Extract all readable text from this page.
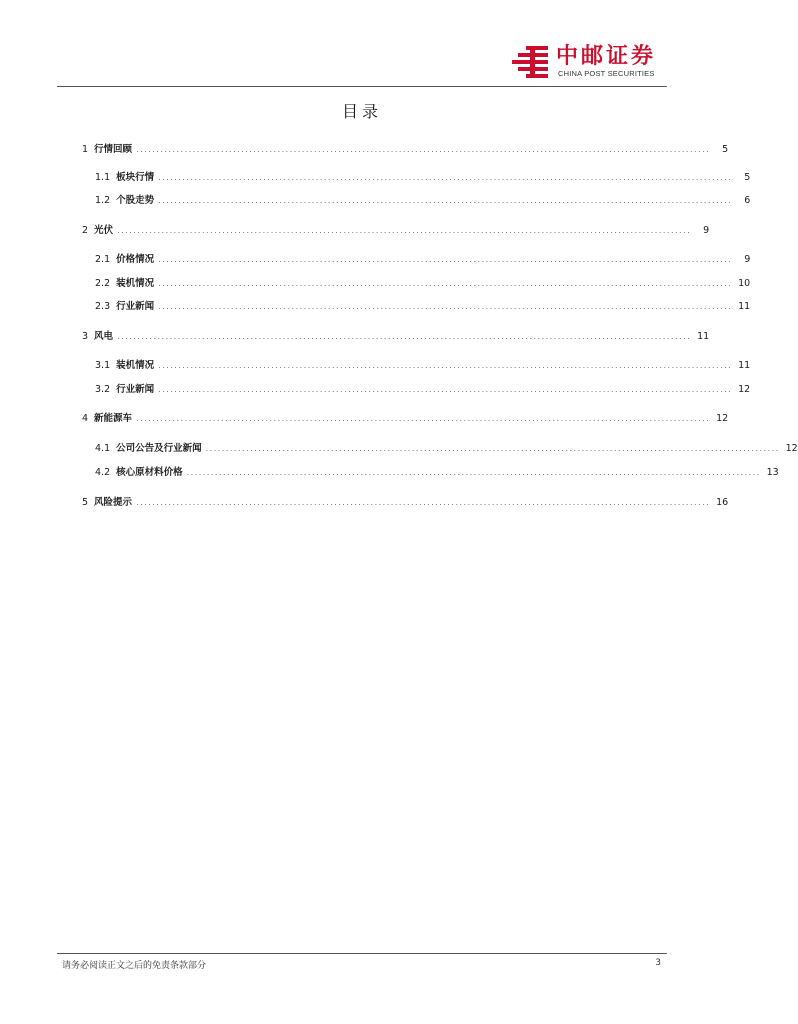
中邮证券
CHINA POST SECURITIES
目录
1 行情回顾 ..............................................................................................................................................	5
1.1 板块行情 ..............................................................................................................................................	5
1.2 个股走势 ..............................................................................................................................................	6
2 光伏 ..............................................................................................................................................	9
2.1 价格情况 ..............................................................................................................................................	9
2.2 装机情况 .............................................................................................................................................. 10
2.3 行业新闻 .............................................................................................................................................. 11
3 风电 .............................................................................................................................................. 11
3.1 装机情况 .............................................................................................................................................. 11
3.2 行业新闻 .............................................................................................................................................. 12
4 新能源车 .............................................................................................................................................. 12
4.1 公司公告及行业新闻 .............................................................................................................................................. 12
4.2 核心原材料价格 .............................................................................................................................................. 13
5 风险提示 .............................................................................................................................................. 16
请务必阅读正文之后的免责条款部分	3
